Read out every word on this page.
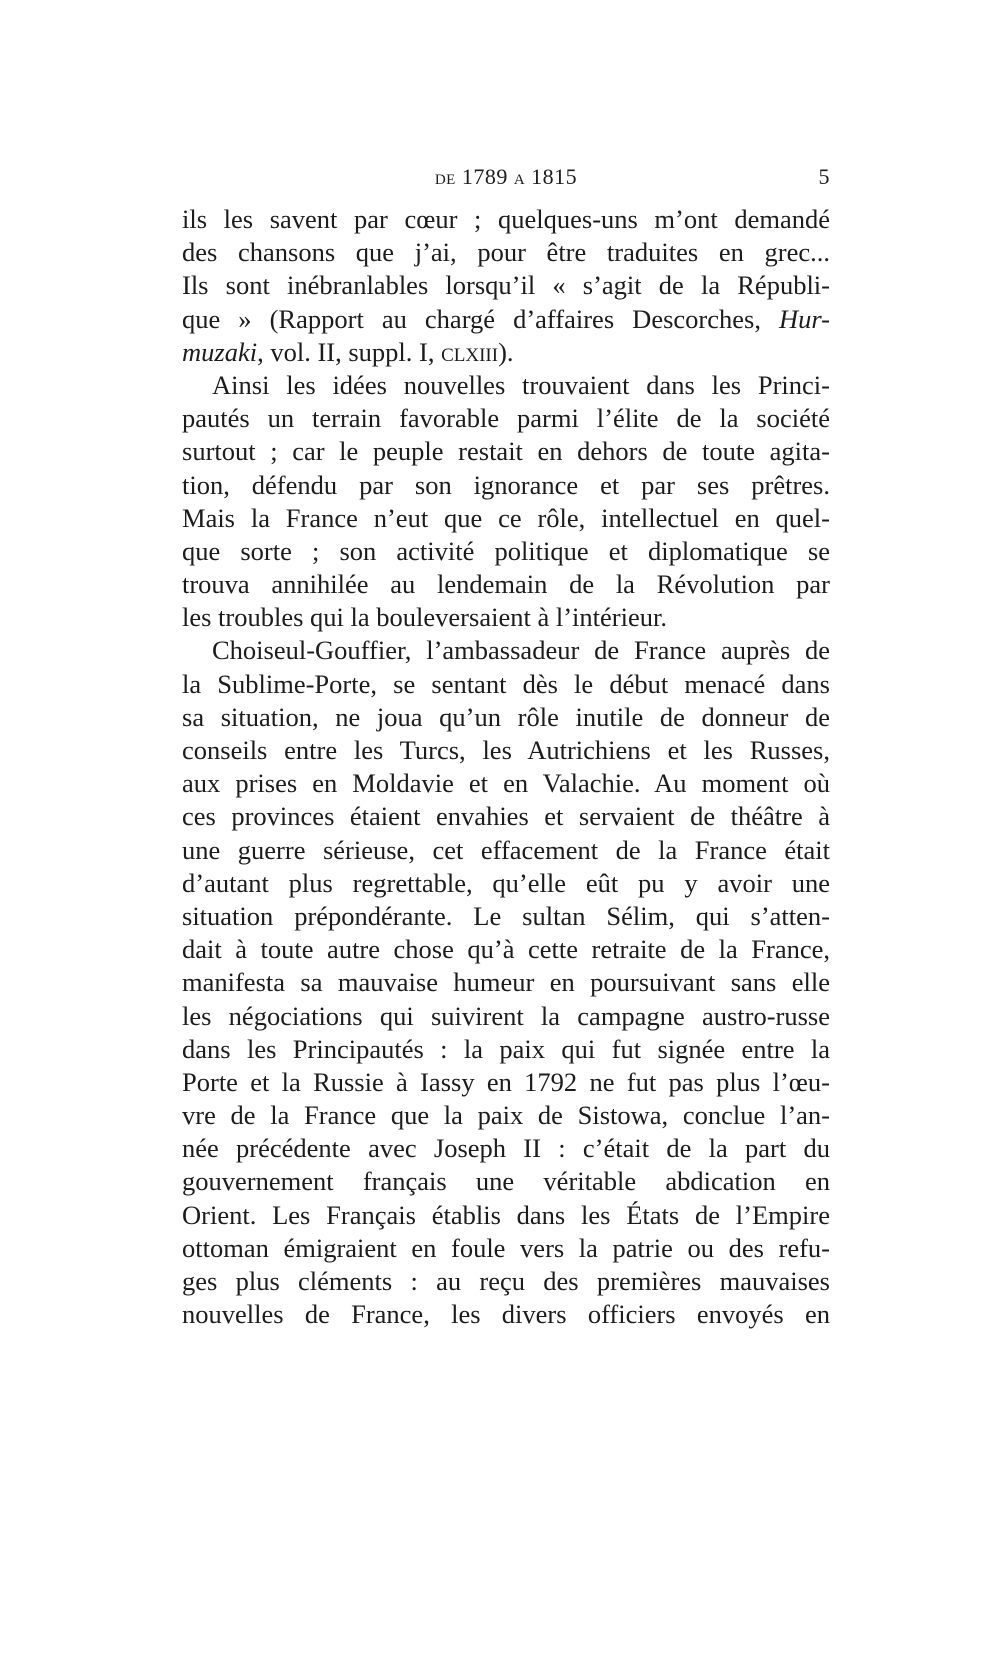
de 1789 a 1815	5
ils les savent par cœur ; quelques-uns m’ont demandé
des chansons que j’ai, pour être traduites en grec...
Ils sont inébranlables lorsqu’il « s’agit de la Républi-
que » (Rapport au chargé d’affaires Descorches, Hur-
muzaki, vol. II, suppl. I, clxiii).
Ainsi les idées nouvelles trouvaient dans les Princi-
pautés un terrain favorable parmi l’élite de la société
surtout ; car le peuple restait en dehors de toute agita-
tion, défendu par son ignorance et par ses prêtres.
Mais la France n’eut que ce rôle, intellectuel en quel-
que sorte ; son activité politique et diplomatique se
trouva annihilée au lendemain de la Révolution par
les troubles qui la bouleversaient à l’intérieur.
Choiseul-Gouffier, l’ambassadeur de France auprès de
la Sublime-Porte, se sentant dès le début menacé dans
sa situation, ne joua qu’un rôle inutile de donneur de
conseils entre les Turcs, les Autrichiens et les Russes,
aux prises en Moldavie et en Valachie. Au moment où
ces provinces étaient envahies et servaient de théâtre à
une guerre sérieuse, cet effacement de la France était
d’autant plus regrettable, qu’elle eût pu y avoir une
situation prépondérante. Le sultan Sélim, qui s’atten-
dait à toute autre chose qu’à cette retraite de la France,
manifesta sa mauvaise humeur en poursuivant sans elle
les négociations qui suivirent la campagne austro-russe
dans les Principautés : la paix qui fut signée entre la
Porte et la Russie à Iassy en 1792 ne fut pas plus l’œu-
vre de la France que la paix de Sistowa, conclue l’an-
née précédente avec Joseph II : c’était de la part du
gouvernement français une véritable abdication en
Orient. Les Français établis dans les États de l’Empire
ottoman émigraient en foule vers la patrie ou des refu-
ges plus cléments : au reçu des premières mauvaises
nouvelles de France, les divers officiers envoyés en
